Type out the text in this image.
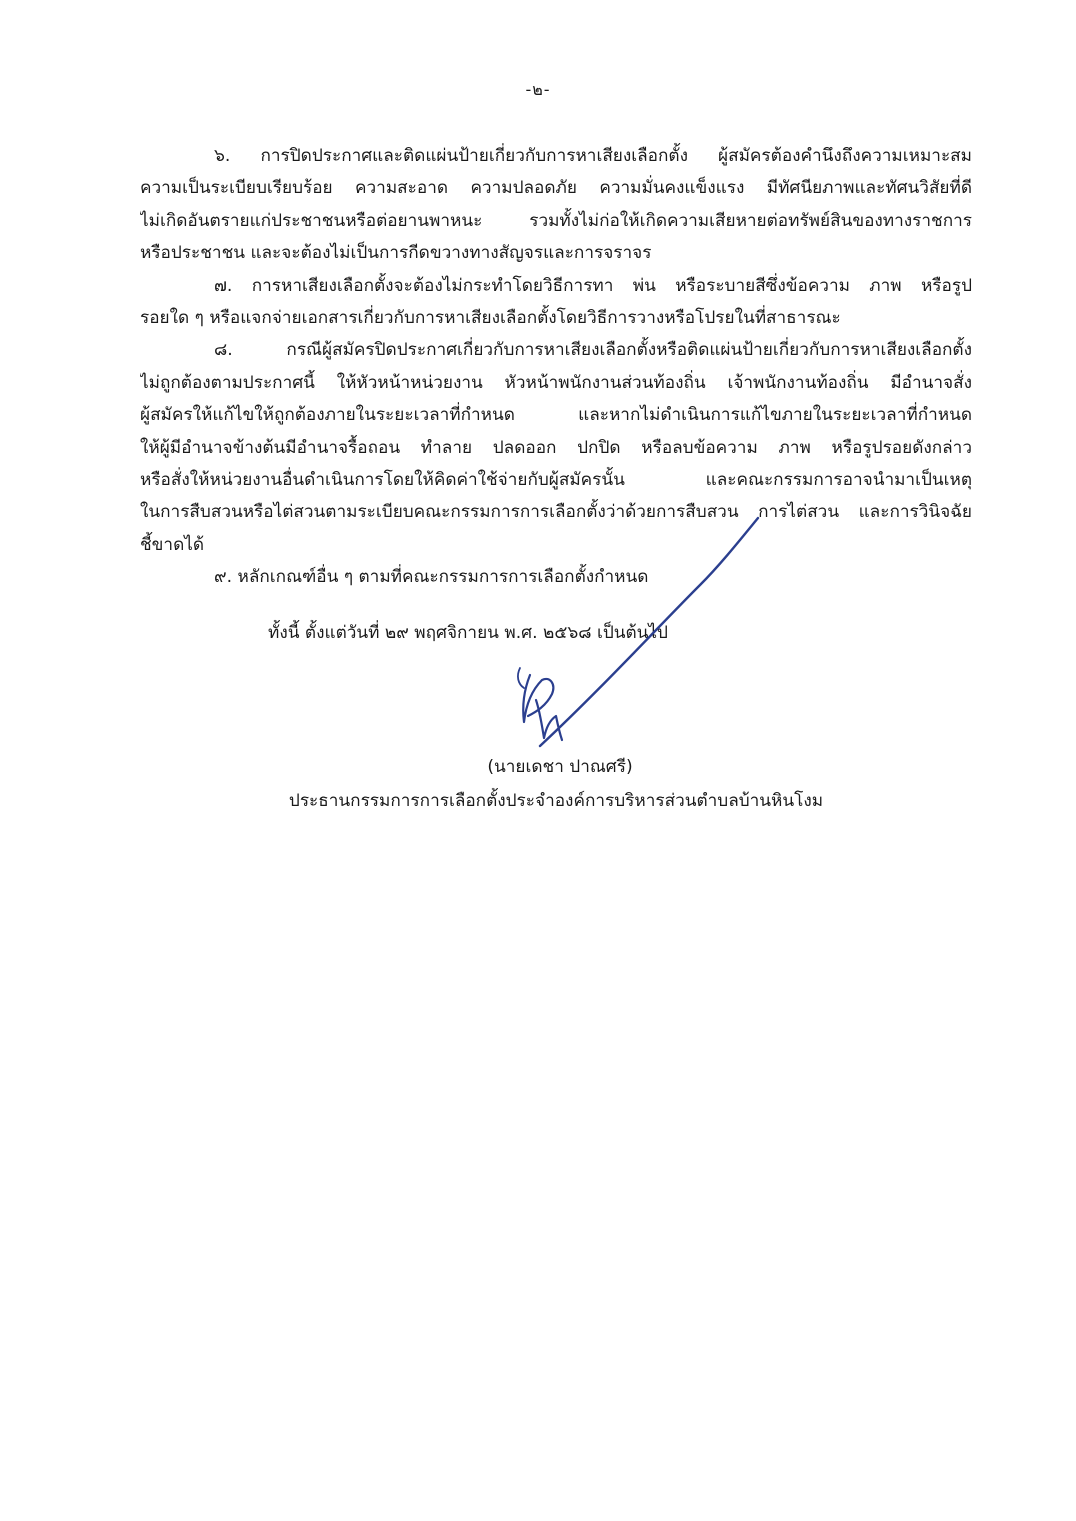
-๒-
๖. การปิดประกาศและติดแผ่นป้ายเกี่ยวกับการหาเสียงเลือกตั้ง ผู้สมัครต้องคำนึงถึงความเหมาะสม
ความเป็นระเบียบเรียบร้อย ความสะอาด ความปลอดภัย ความมั่นคงแข็งแรง มีทัศนียภาพและทัศนวิสัยที่ดี
ไม่เกิดอันตรายแก่ประชาชนหรือต่อยานพาหนะ รวมทั้งไม่ก่อให้เกิดความเสียหายต่อทรัพย์สินของทางราชการ
หรือประชาชน และจะต้องไม่เป็นการกีดขวางทางสัญจรและการจราจร
๗. การหาเสียงเลือกตั้งจะต้องไม่กระทำโดยวิธีการทา พ่น หรือระบายสีซึ่งข้อความ ภาพ หรือรูป
รอยใด ๆ หรือแจกจ่ายเอกสารเกี่ยวกับการหาเสียงเลือกตั้งโดยวิธีการวางหรือโปรยในที่สาธารณะ
๘. กรณีผู้สมัครปิดประกาศเกี่ยวกับการหาเสียงเลือกตั้งหรือติดแผ่นป้ายเกี่ยวกับการหาเสียงเลือกตั้ง
ไม่ถูกต้องตามประกาศนี้ ให้หัวหน้าหน่วยงาน หัวหน้าพนักงานส่วนท้องถิ่น เจ้าพนักงานท้องถิ่น มีอำนาจสั่ง
ผู้สมัครให้แก้ไขให้ถูกต้องภายในระยะเวลาที่กำหนด และหากไม่ดำเนินการแก้ไขภายในระยะเวลาที่กำหนด
ให้ผู้มีอำนาจข้างต้นมีอำนาจรื้อถอน ทำลาย ปลดออก ปกปิด หรือลบข้อความ ภาพ หรือรูปรอยดังกล่าว
หรือสั่งให้หน่วยงานอื่นดำเนินการโดยให้คิดค่าใช้จ่ายกับผู้สมัครนั้น และคณะกรรมการอาจนำมาเป็นเหตุ
ในการสืบสวนหรือไต่สวนตามระเบียบคณะกรรมการการเลือกตั้งว่าด้วยการสืบสวน การไต่สวน และการวินิจฉัย
ชี้ขาดได้
๙. หลักเกณฑ์อื่น ๆ ตามที่คณะกรรมการการเลือกตั้งกำหนด
ทั้งนี้ ตั้งแต่วันที่ ๒๙ พฤศจิกายน พ.ศ. ๒๕๖๘ เป็นต้นไป
(นายเดชา ปาณศรี)
ประธานกรรมการการเลือกตั้งประจำองค์การบริหารส่วนตำบลบ้านหินโงม
